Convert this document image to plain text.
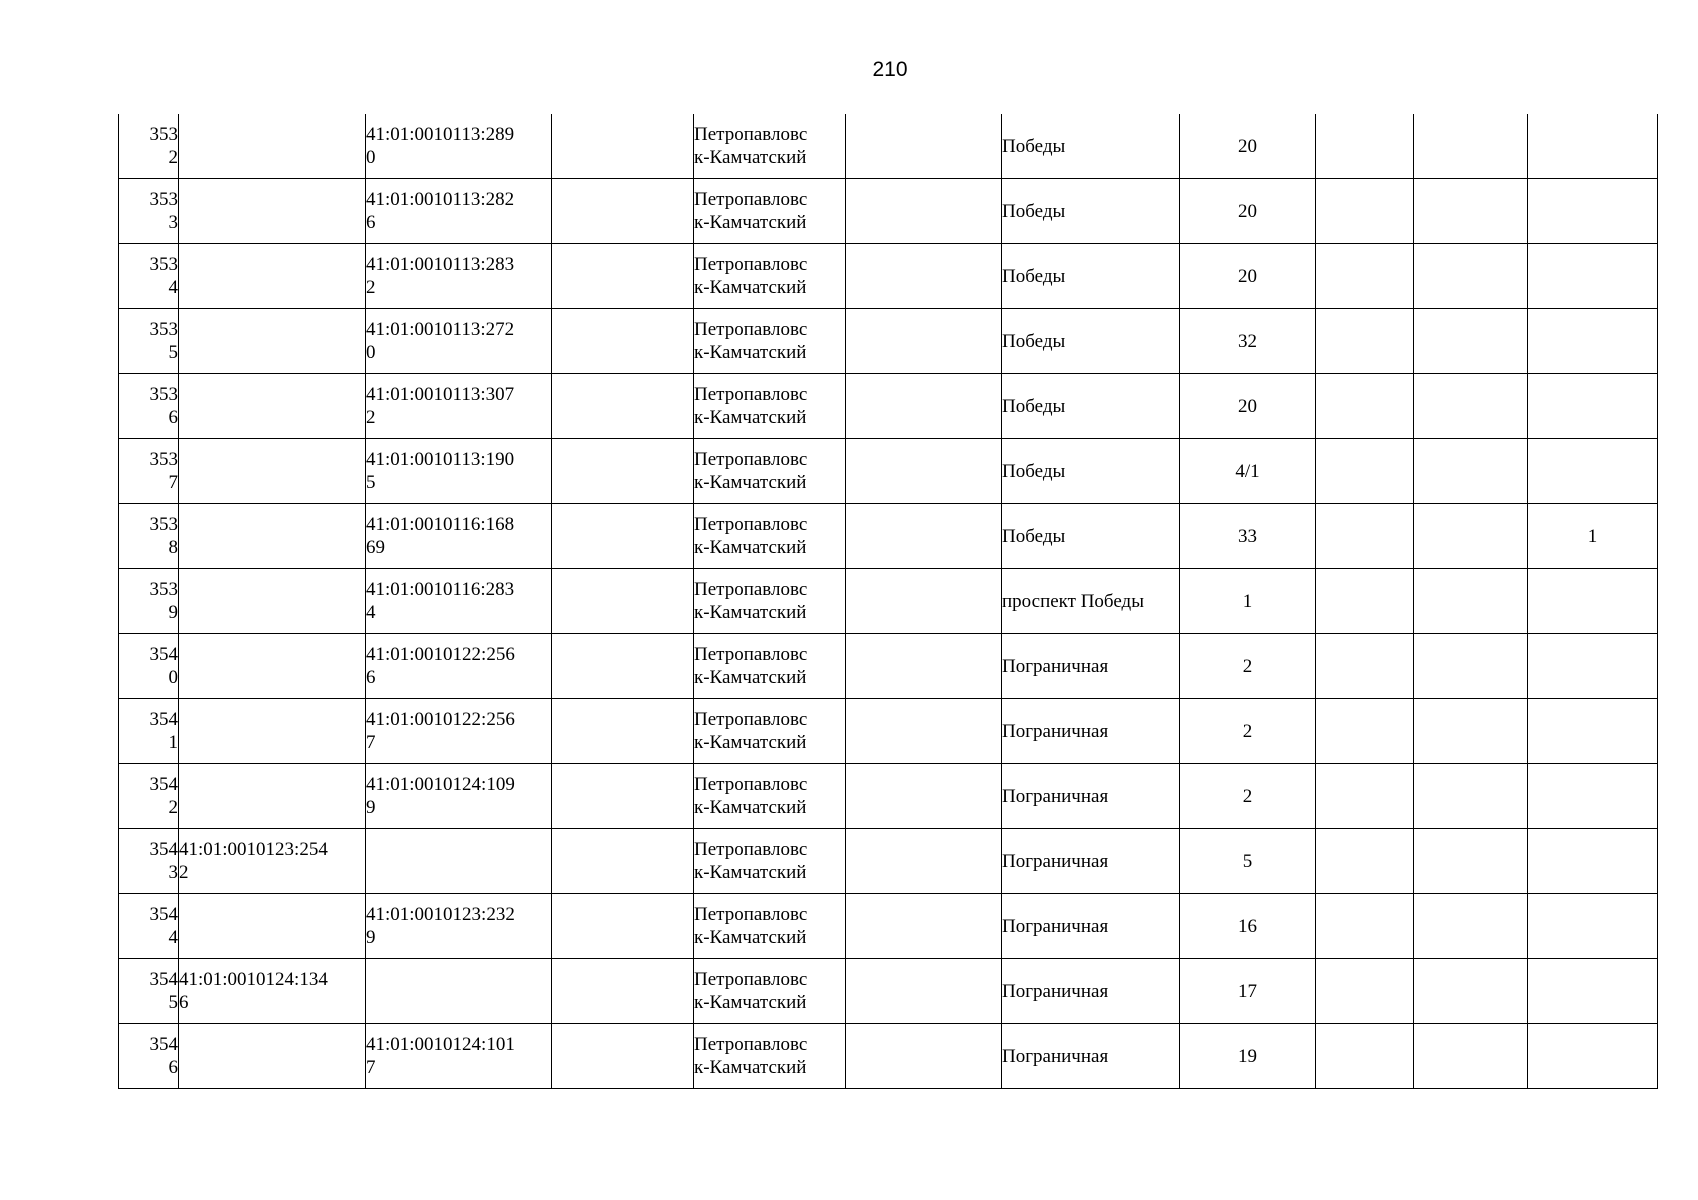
210
353
2		41:01:0010113:289
0		Петропавловс
к-Камчатский		Победы	20			

353
3		41:01:0010113:282
6		Петропавловс
к-Камчатский		Победы	20			

353
4		41:01:0010113:283
2		Петропавловс
к-Камчатский		Победы	20			

353
5		41:01:0010113:272
0		Петропавловс
к-Камчатский		Победы	32			

353
6		41:01:0010113:307
2		Петропавловс
к-Камчатский		Победы	20			

353
7		41:01:0010113:190
5		Петропавловс
к-Камчатский		Победы	4/1			

353
8		41:01:0010116:168
69		Петропавловс
к-Камчатский		Победы	33			1

353
9		41:01:0010116:283
4		Петропавловс
к-Камчатский		проспект Победы	1			

354
0		41:01:0010122:256
6		Петропавловс
к-Камчатский		Пограничная	2			

354
1		41:01:0010122:256
7		Петропавловс
к-Камчатский		Пограничная	2			

354
2		41:01:0010124:109
9		Петропавловс
к-Камчатский		Пограничная	2			

354
3	41:01:0010123:254
2			Петропавловс
к-Камчатский		Пограничная	5			

354
4		41:01:0010123:232
9		Петропавловс
к-Камчатский		Пограничная	16			

354
5	41:01:0010124:134
6			Петропавловс
к-Камчатский		Пограничная	17			

354
6		41:01:0010124:101
7		Петропавловс
к-Камчатский		Пограничная	19			
